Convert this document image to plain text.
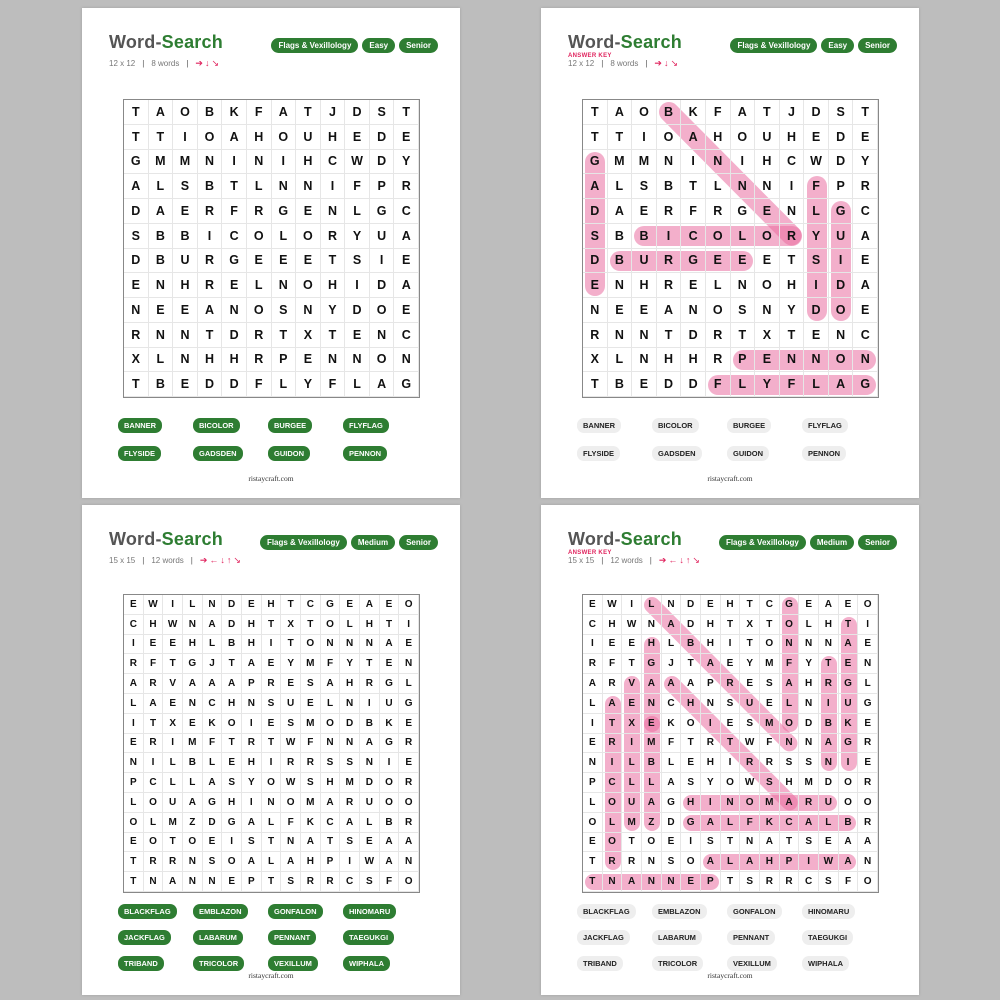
Word-Search	Flags & Vexillology	Easy	Senior
12 x 12 | 8 words | ➔↓↘
T	A	O	B	K	F	A	T	J	D	S	T
T	T	I	O	A	H	O	U	H	E	D	E
G	M	M	N	I	N	I	H	C	W	D	Y
A	L	S	B	T	L	N	N	I	F	P	R
D	A	E	R	F	R	G	E	N	L	G	C
S	B	B	I	C	O	L	O	R	Y	U	A
D	B	U	R	G	E	E	E	T	S	I	E
E	N	H	R	E	L	N	O	H	I	D	A
N	E	E	A	N	O	S	N	Y	D	O	E
R	N	N	T	D	R	T	X	T	E	N	C
X	L	N	H	H	R	P	E	N	N	O	N
T	B	E	D	D	F	L	Y	F	L	A	G
BANNER	BICOLOR	BURGEE	FLYFLAG
FLYSIDE	GADSDEN	GUIDON	PENNON
ristaycraft.com
Word-Search	Flags & Vexillology	Easy	Senior
ANSWER KEY
12 x 12 | 8 words | ➔↓↘
T	A	O	B	K	F	A	T	J	D	S	T
T	T	I	O	A	H	O	U	H	E	D	E
G	M	M	N	I	N	I	H	C	W	D	Y
A	L	S	B	T	L	N	N	I	F	P	R
D	A	E	R	F	R	G	E	N	L	G	C
S	B	B	I	C	O	L	O	R	Y	U	A
D	B	U	R	G	E	E	E	T	S	I	E
E	N	H	R	E	L	N	O	H	I	D	A
N	E	E	A	N	O	S	N	Y	D	O	E
R	N	N	T	D	R	T	X	T	E	N	C
X	L	N	H	H	R	P	E	N	N	O	N
T	B	E	D	D	F	L	Y	F	L	A	G
BANNER	BICOLOR	BURGEE	FLYFLAG
FLYSIDE	GADSDEN	GUIDON	PENNON
ristaycraft.com
Word-Search	Flags & Vexillology	Medium	Senior
15 x 15 | 12 words | ➔←↓↑↘
E	W	I	L	N	D	E	H	T	C	G	E	A	E	O
C	H	W	N	A	D	H	T	X	T	O	L	H	T	I
I	E	E	H	L	B	H	I	T	O	N	N	N	A	E
R	F	T	G	J	T	A	E	Y	M	F	Y	T	E	N
A	R	V	A	A	A	P	R	E	S	A	H	R	G	L
L	A	E	N	C	H	N	S	U	E	L	N	I	U	G
I	T	X	E	K	O	I	E	S	M	O	D	B	K	E
E	R	I	M	F	T	R	T	W	F	N	N	A	G	R
N	I	L	B	L	E	H	I	R	R	S	S	N	I	E
P	C	L	L	A	S	Y	O	W	S	H	M	D	O	R
L	O	U	A	G	H	I	N	O	M	A	R	U	O	O
O	L	M	Z	D	G	A	L	F	K	C	A	L	B	R
E	O	T	O	E	I	S	T	N	A	T	S	E	A	A
T	R	R	N	S	O	A	L	A	H	P	I	W	A	N
T	N	A	N	N	E	P	T	S	R	R	C	S	F	O
BLACKFLAG	EMBLAZON	GONFALON	HINOMARU
JACKFLAG	LABARUM	PENNANT	TAEGUKGI
TRIBAND	TRICOLOR	VEXILLUM	WIPHALA
ristaycraft.com
Word-Search	Flags & Vexillology	Medium	Senior
ANSWER KEY
15 x 15 | 12 words | ➔←↓↑↘
E	W	I	L	N	D	E	H	T	C	G	E	A	E	O
C	H	W	N	A	D	H	T	X	T	O	L	H	T	I
I	E	E	H	L	B	H	I	T	O	N	N	N	A	E
R	F	T	G	J	T	A	E	Y	M	F	Y	T	E	N
A	R	V	A	A	A	P	R	E	S	A	H	R	G	L
L	A	E	N	C	H	N	S	U	E	L	N	I	U	G
I	T	X	E	K	O	I	E	S	M	O	D	B	K	E
E	R	I	M	F	T	R	T	W	F	N	N	A	G	R
N	I	L	B	L	E	H	I	R	R	S	S	N	I	E
P	C	L	L	A	S	Y	O	W	S	H	M	D	O	R
L	O	U	A	G	H	I	N	O	M	A	R	U	O	O
O	L	M	Z	D	G	A	L	F	K	C	A	L	B	R
E	O	T	O	E	I	S	T	N	A	T	S	E	A	A
T	R	R	N	S	O	A	L	A	H	P	I	W	A	N
T	N	A	N	N	E	P	T	S	R	R	C	S	F	O
BLACKFLAG	EMBLAZON	GONFALON	HINOMARU
JACKFLAG	LABARUM	PENNANT	TAEGUKGI
TRIBAND	TRICOLOR	VEXILLUM	WIPHALA
ristaycraft.com
